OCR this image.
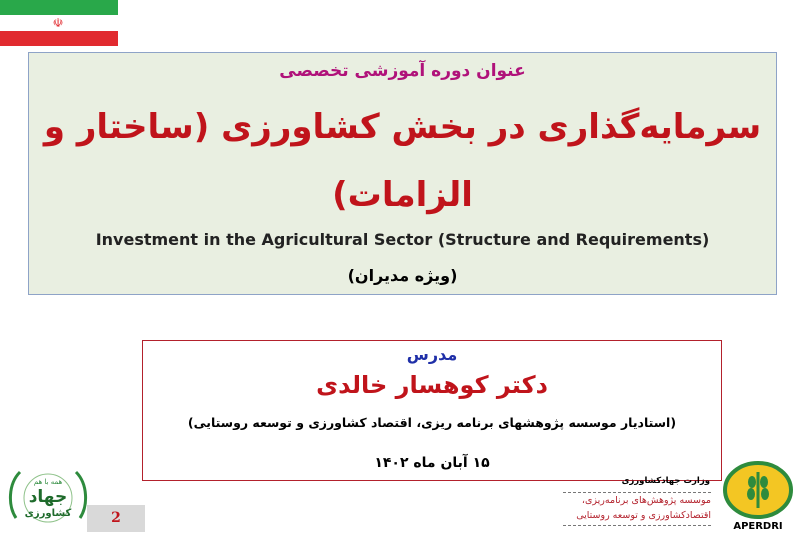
☫
عنوان دوره آموزشی تخصصی
سرمایه‌گذاری در بخش کشاورزی (ساختار و الزامات)
Investment in the Agricultural Sector (Structure and Requirements)
(ویژه مدیران)
مدرس
دکتر کوهسار خالدی
(استادیار موسسه پژوهشهای برنامه ریزی، اقتصاد کشاورزی و توسعه روستایی)
۱۵ آبان ماه ۱۴۰۲
همه با هم
جهاد
کشاورزی	2
وزارت جهادکشاورزی
موسسه پژوهش‌های برنامه‌ریزی،
اقتصادکشاورزی و توسعه روستایی
APERDRI
